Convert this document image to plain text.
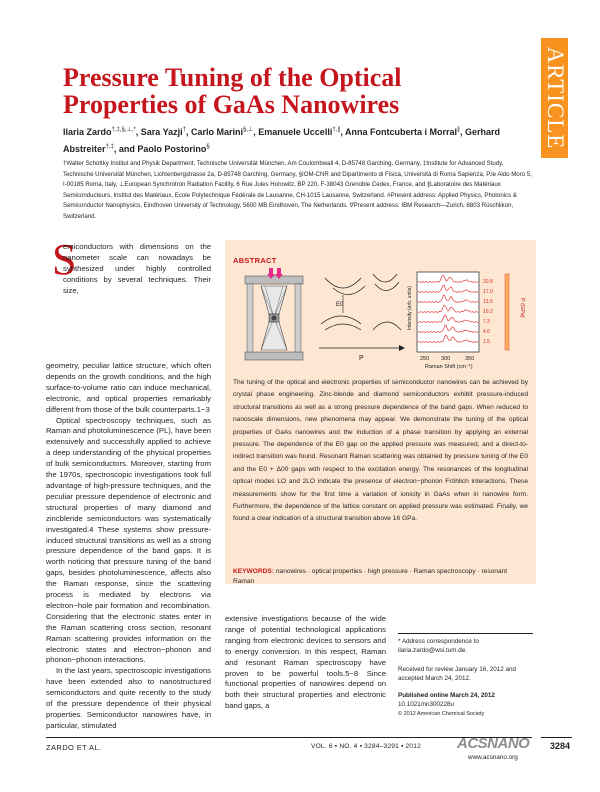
ARTICLE
Pressure Tuning of the Optical Properties of GaAs Nanowires
Ilaria Zardo†,‡,§,⊥,*, Sara Yazji†, Carlo Marini§,⊥, Emanuele Uccelli†,∥, Anna Fontcuberta i Morral∥, Gerhard Abstreiter†,‡, and Paolo Postorino§
†Walter Schottky Institut and Physik Department, Technische Universität München, Am Coulombwall 4, D-85748 Garching, Germany, ‡Institute for Advanced Study, Technische Universität München, Lichtenbergstrasse 2a, D-85748 Garching, Germany, §IOM-CNR and Dipartimento di Fisica, Università di Roma Sapienza, P.le Aldo Moro 5, I-00185 Roma, Italy, ⊥European Synchrotron Radiation Facility, 6 Rue Jules Horowitz, BP 220, F-38043 Grenoble Cedex, France, and ∥Laboratoire des Matériaux Semiconducteurs, Institut des Matériaux, Ecole Polytechnique Fédérale de Lausanne, CH-1015 Lausanne, Switzerland. #Present address: Applied Physics, Photonics & Semiconductor Nanophysics, Eindhoven University of Technology, 5600 MB Eindhoven, The Netherlands. ∇Present address: IBM Research—Zurich, 8803 Rüschlikon, Switzerland.
S
emiconductors with dimensions on the nanometer scale can nowadays be synthesized under highly controlled conditions by several techniques. Their size,
geometry, peculiar lattice structure, which often depends on the growth conditions, and the high surface-to-volume ratio can induce mechanical, electronic, and optical properties remarkably different from those of the bulk counterparts.1−3
Optical spectroscopy techniques, such as Raman and photoluminescence (PL), have been extensively and successfully applied to achieve a deep understanding of the physical properties of bulk semiconductors. Moreover, starting from the 1970s, spectroscopic investigations took full advantage of high-pressure techniques, and the peculiar pressure dependence of electronic and structural properties of many diamond and zincblende semiconductors was systematically investigated.4 These systems show pressure-induced structural transitions as well as a strong pressure dependence of the band gaps. It is worth noticing that pressure tuning of the band gaps, besides photoluminescence, affects also the Raman response, since the scattering process is mediated by electrons via electron−hole pair formation and recombination. Considering that the electronic states enter in the Raman scattering cross section, resonant Raman scattering provides information on the electronic states and electron−phonon and phonon−phonon interactions.
In the last years, spectroscopic investigations have been extended also to nanostructured semiconductors and quite recently to the study of the pressure dependence of their physical properties. Semiconductor nanowires have, in particular, stimulated
ABSTRACT
E0
P
Intensity (arb. units)
250 300	350
Raman Shift (cm⁻¹)
20.8
17.0
13.5
10.2
7.3
4.6
1.5
P (GPa)
The tuning of the optical and electronic properties of semiconductor nanowires can be achieved by crystal phase engineering. Zinc-blende and diamond semiconductors exhibit pressure-induced structural transitions as well as a strong pressure dependence of the band gaps. When reduced to nanoscale dimensions, new phenomena may appear. We demonstrate the tuning of the optical properties of GaAs nanowires and the induction of a phase transition by applying an external pressure. The dependence of the E0 gap on the applied pressure was measured, and a direct-to-indirect transition was found. Resonant Raman scattering was obtained by pressure tuning of the E0 and the E0 + Δ00 gaps with respect to the excitation energy. The resonances of the longitudinal optical modes LO and 2LO indicate the presence of electron−phonon Fröhlich interactions. These measurements show for the first time a variation of ionicity in GaAs when in nanowire form. Furthermore, the dependence of the lattice constant on applied pressure was estimated. Finally, we found a clear indication of a structural transition above 16 GPa.
KEYWORDS: nanowires · optical properties · high pressure · Raman spectroscopy · resonant Raman
extensive investigations because of the wide range of potential technological applications ranging from electronic devices to sensors and to energy conversion. In this respect, Raman and resonant Raman spectroscopy have proven to be powerful tools.5−8 Since functional properties of nanowires depend on both their structural properties and electronic band gaps, a
* Address correspondence to
ilaria.zardo@wsi.tum.de.
Received for review January 16, 2012 and accepted March 24, 2012.
Published online March 24, 2012
10.1021/nn300228u
© 2012 American Chemical Society
ZARDO ET AL.	VOL. 6 ▪ NO. 4 ▪ 3284–3291 ▪ 2012 ACSNANO 3284
www.acsnano.org
